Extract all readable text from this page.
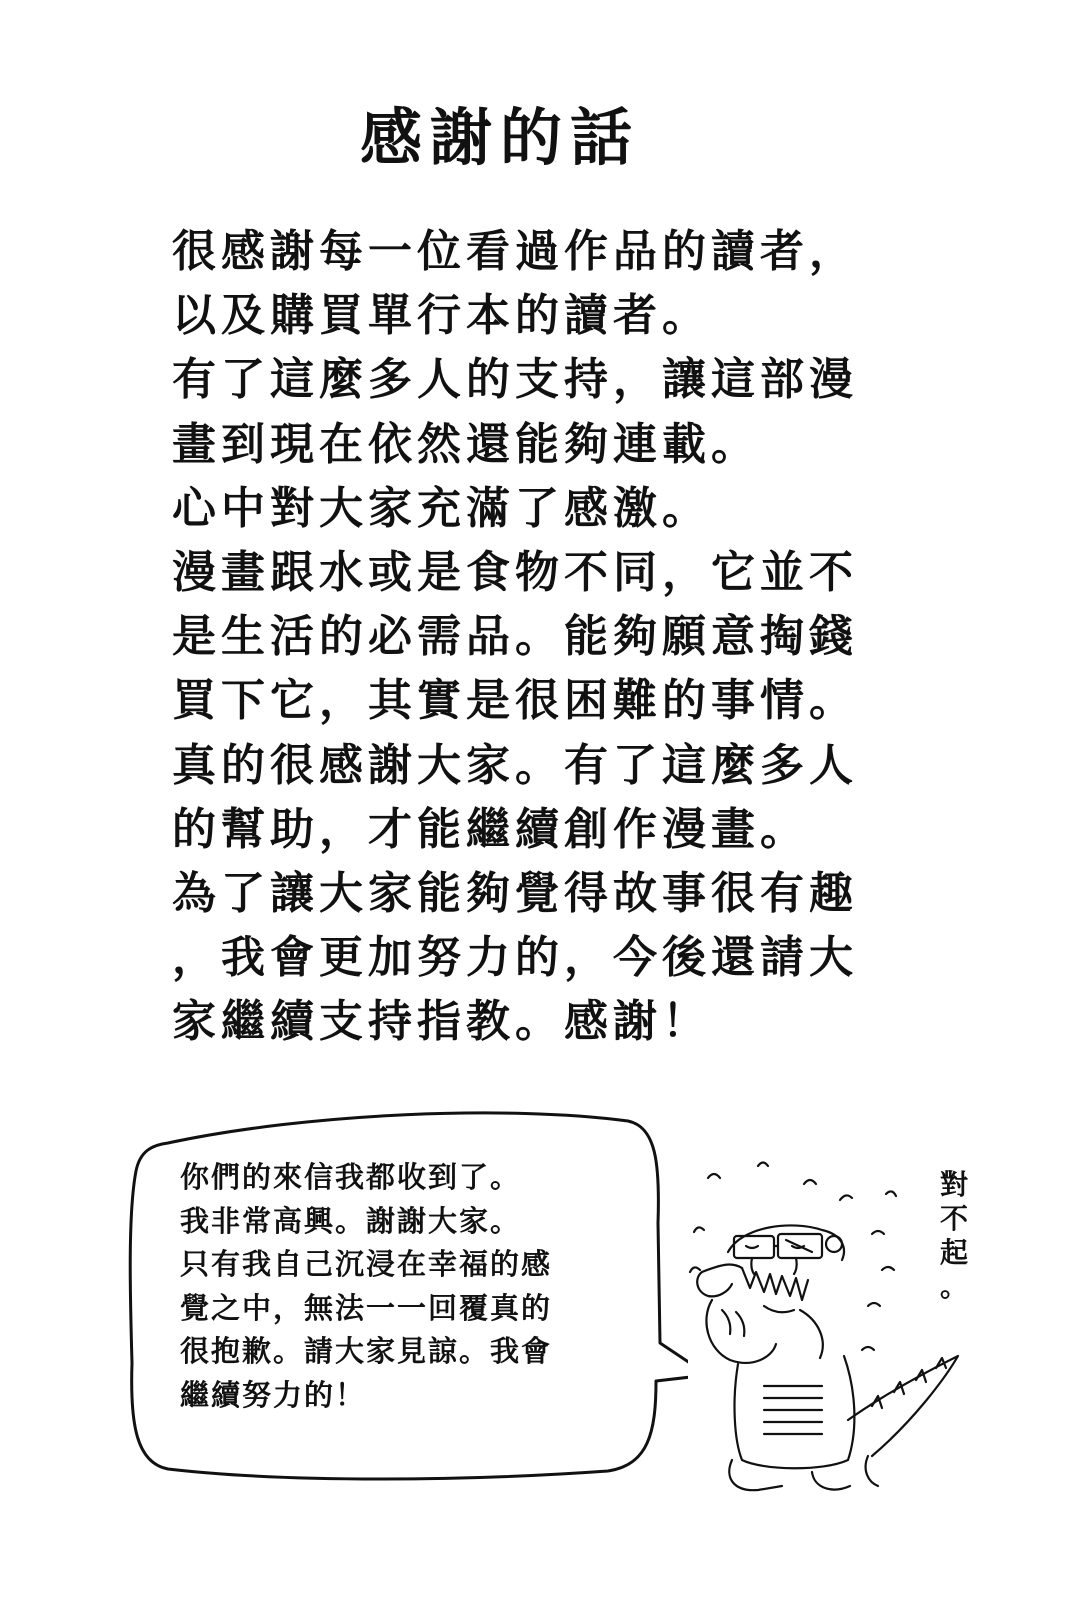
感謝的話
很感謝每一位看過作品的讀者，
以及購買單行本的讀者。
有了這麼多人的支持，讓這部漫
畫到現在依然還能夠連載。
心中對大家充滿了感激。
漫畫跟水或是食物不同，它並不
是生活的必需品。能夠願意掏錢
買下它，其實是很困難的事情。
真的很感謝大家。有了這麼多人
的幫助，才能繼續創作漫畫。
為了讓大家能夠覺得故事很有趣
，我會更加努力的，今後還請大
家繼續支持指教。感謝！
你們的來信我都收到了。
我非常高興。謝謝大家。
只有我自己沉浸在幸福的感
覺之中，無法一一回覆真的
很抱歉。請大家見諒。我會
繼續努力的！
對
不
起
。
